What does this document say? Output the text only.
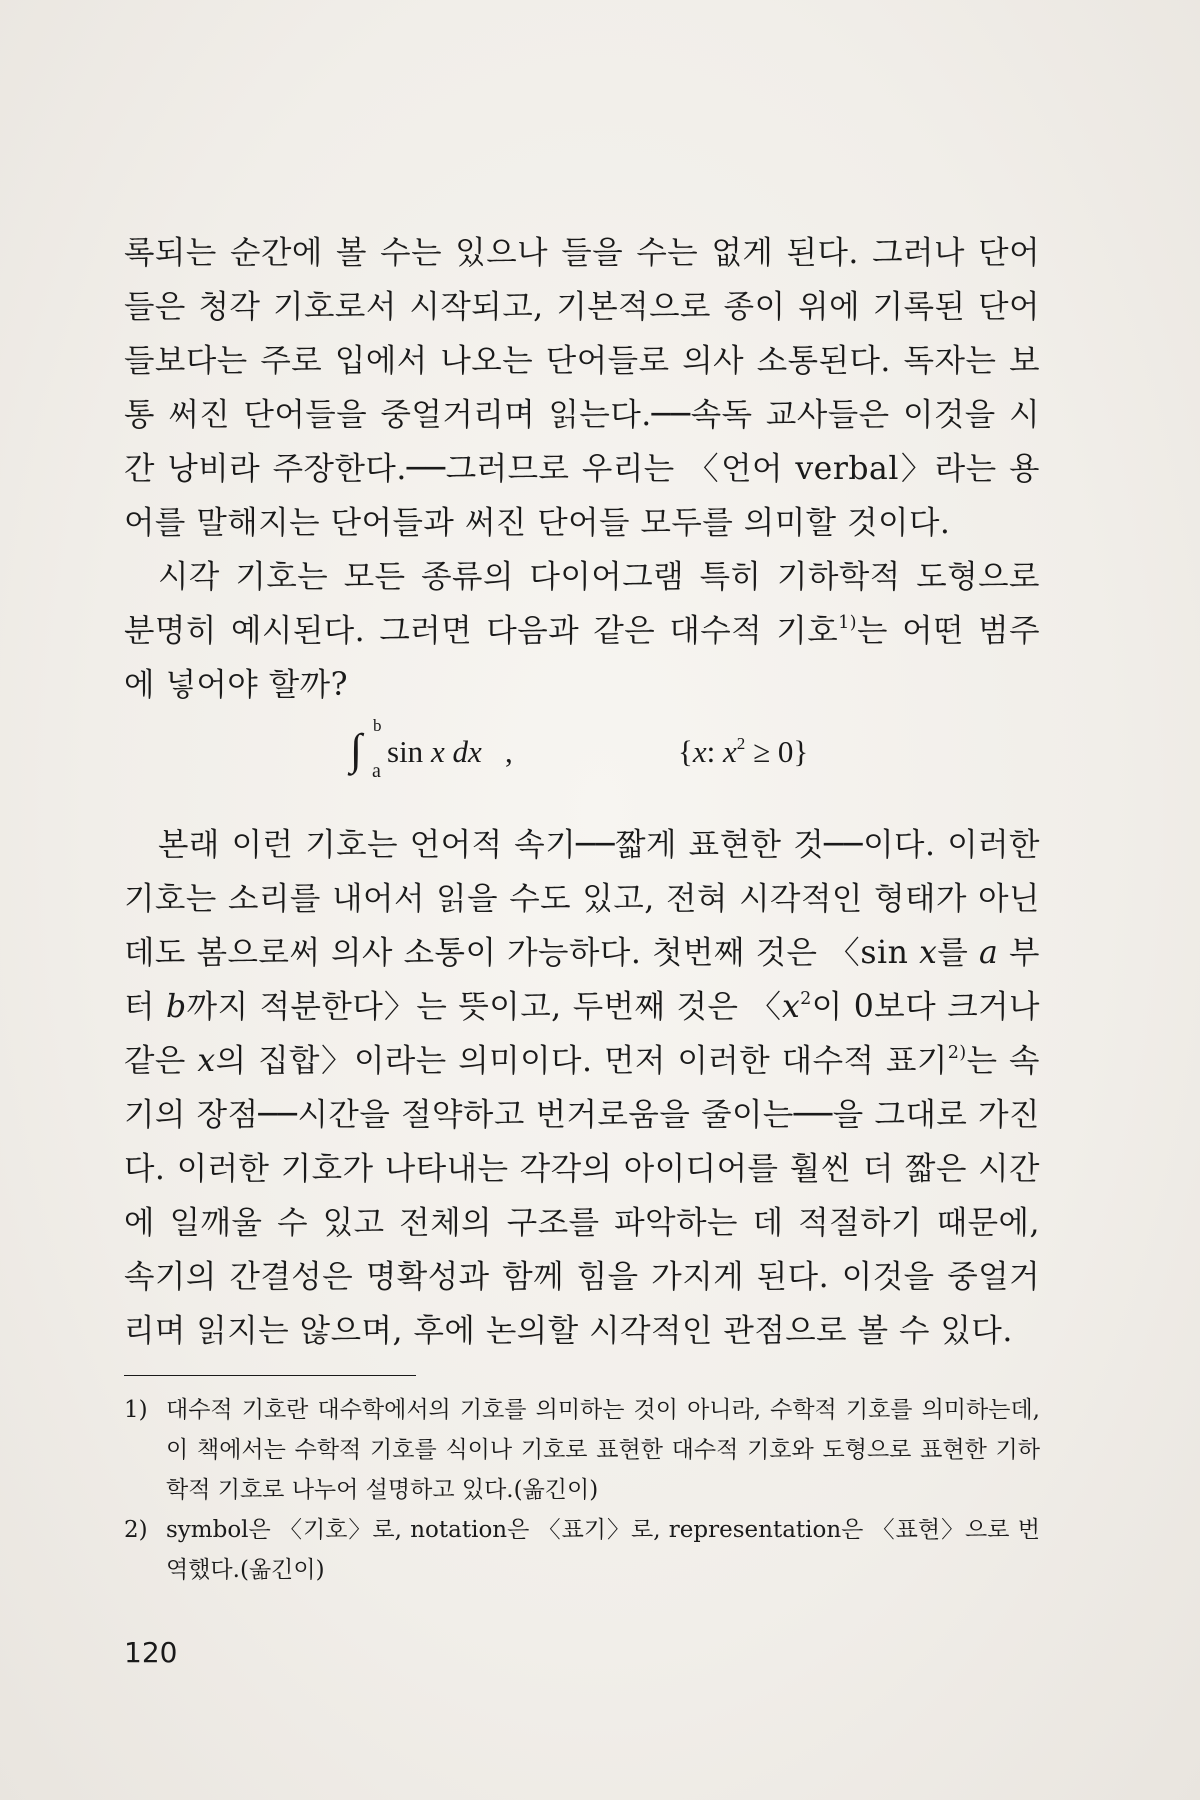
록되는 순간에 볼 수는 있으나 들을 수는 없게 된다. 그러나 단어들은 청각 기호로서 시작되고, 기본적으로 종이 위에 기록된 단어들보다는 주로 입에서 나오는 단어들로 의사 소통된다. 독자는 보통 써진 단어들을 중얼거리며 읽는다.──속독 교사들은 이것을 시간 낭비라 주장한다.──그러므로 우리는 〈언어 verbal〉라는 용어를 말해지는 단어들과 써진 단어들 모두를 의미할 것이다.

시각 기호는 모든 종류의 다이어그램 특히 기하학적 도형으로 분명히 예시된다. 그러면 다음과 같은 대수적 기호$^{1)}$는 어떤 범주에 넣어야 할까?

∫ b
a
sin x dx ,	{x: $x^2 \ge 0$}

본래 이런 기호는 언어적 속기──짧게 표현한 것──이다. 이러한 기호는 소리를 내어서 읽을 수도 있고, 전혀 시각적인 형태가 아닌데도 봄으로써 의사 소통이 가능하다. 첫번째 것은 〈sin x를 a 부터 b까지 적분한다〉는 뜻이고, 두번째 것은 〈$x^2$이 0보다 크거나 같은 x의 집합〉이라는 의미이다. 먼저 이러한 대수적 표기$^{2)}$는 속기의 장점──시간을 절약하고 번거로움을 줄이는──을 그대로 가진다. 이러한 기호가 나타내는 각각의 아이디어를 훨씬 더 짧은 시간에 일깨울 수 있고 전체의 구조를 파악하는 데 적절하기 때문에, 속기의 간결성은 명확성과 함께 힘을 가지게 된다. 이것을 중얼거리며 읽지는 않으며, 후에 논의할 시각적인 관점으로 볼 수 있다.

1) 대수적 기호란 대수학에서의 기호를 의미하는 것이 아니라, 수학적 기호를 의미하는데, 이 책에서는 수학적 기호를 식이나 기호로 표현한 대수적 기호와 도형으로 표현한 기하학적 기호로 나누어 설명하고 있다.(옮긴이)
2) symbol은 〈기호〉로, notation은 〈표기〉로, representation은 〈표현〉으로 번역했다.(옮긴이)
120
